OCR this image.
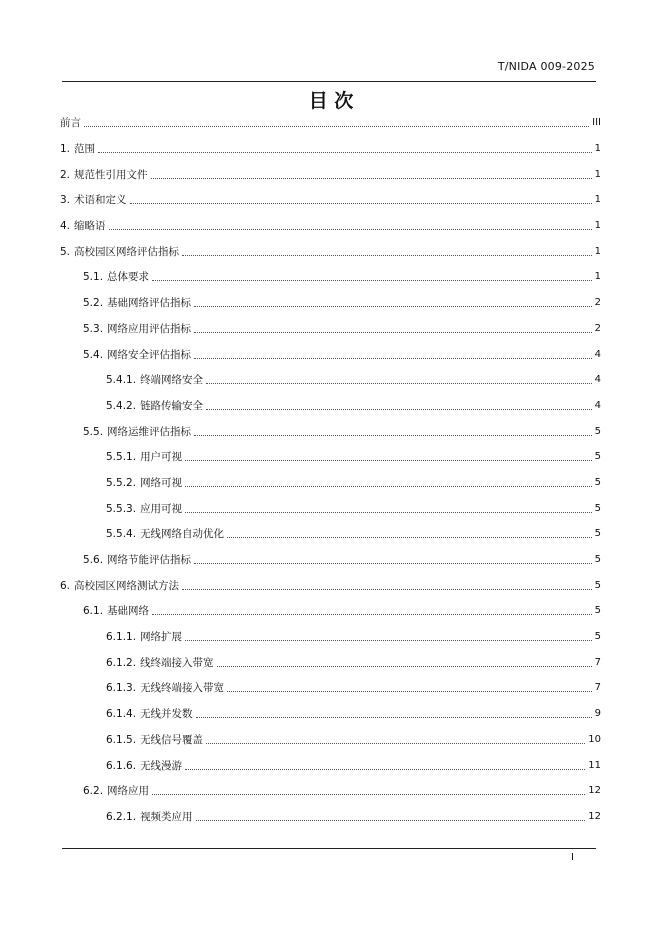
T/NIDA 009-2025
目 次
前言	III
1. 范围	1
2. 规范性引用文件	1
3. 术语和定义	1
4. 缩略语	1
5. 高校园区网络评估指标	1
5.1. 总体要求	1
5.2. 基础网络评估指标	2
5.3. 网络应用评估指标	2
5.4. 网络安全评估指标	4
5.4.1. 终端网络安全	4
5.4.2. 链路传输安全	4
5.5. 网络运维评估指标	5
5.5.1. 用户可视	5
5.5.2. 网络可视	5
5.5.3. 应用可视	5
5.5.4. 无线网络自动优化	5
5.6. 网络节能评估指标	5
6. 高校园区网络测试方法	5
6.1. 基础网络	5
6.1.1. 网络扩展	5
6.1.2. 线终端接入带宽	7
6.1.3. 无线终端接入带宽	7
6.1.4. 无线并发数	9
6.1.5. 无线信号覆盖	10
6.1.6. 无线漫游	11
6.2. 网络应用	12
6.2.1. 视频类应用	12
I
